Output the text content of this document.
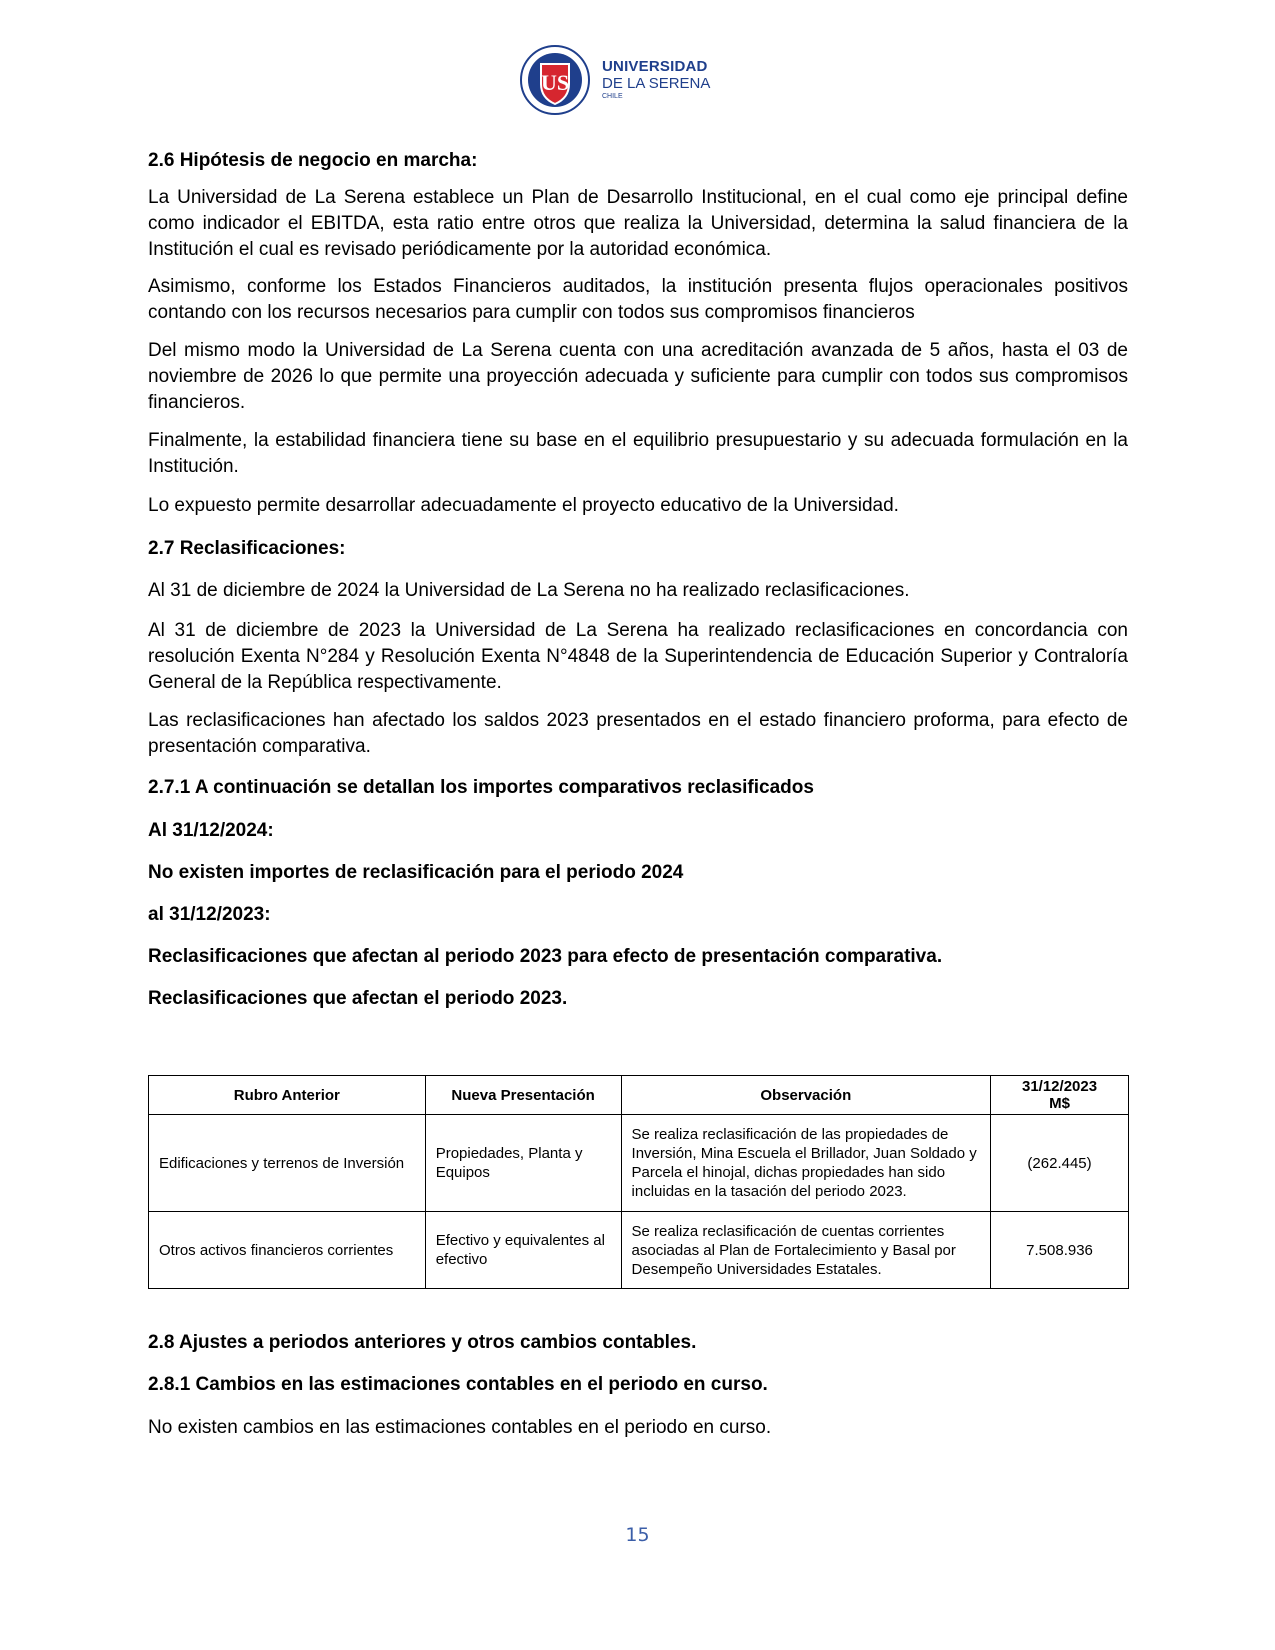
US
UNIVERSIDAD
DE LA SERENA
CHILE
2.6 Hipótesis de negocio en marcha:

La Universidad de La Serena establece un Plan de Desarrollo Institucional, en el cual como eje principal define como indicador el EBITDA, esta ratio entre otros que realiza la Universidad, determina la salud financiera de la Institución el cual es revisado periódicamente por la autoridad económica.

Asimismo, conforme los Estados Financieros auditados, la institución presenta flujos operacionales positivos contando con los recursos necesarios para cumplir con todos sus compromisos financieros

Del mismo modo la Universidad de La Serena cuenta con una acreditación avanzada de 5 años, hasta el 03 de noviembre de 2026 lo que permite una proyección adecuada y suficiente para cumplir con todos sus compromisos financieros.

Finalmente, la estabilidad financiera tiene su base en el equilibrio presupuestario y su adecuada formulación en la Institución.

Lo expuesto permite desarrollar adecuadamente el proyecto educativo de la Universidad.

2.7 Reclasificaciones:

Al 31 de diciembre de 2024 la Universidad de La Serena no ha realizado reclasificaciones.

Al 31 de diciembre de 2023 la Universidad de La Serena ha realizado reclasificaciones en concordancia con resolución Exenta N°284 y Resolución Exenta N°4848 de la Superintendencia de Educación Superior y Contraloría General de la República respectivamente.

Las reclasificaciones han afectado los saldos 2023 presentados en el estado financiero proforma, para efecto de presentación comparativa.

2.7.1 A continuación se detallan los importes comparativos reclasificados
Al 31/12/2024:
No existen importes de reclasificación para el periodo 2024
al 31/12/2023:
Reclasificaciones que afectan al periodo 2023 para efecto de presentación comparativa.
Reclasificaciones que afectan el periodo 2023.
Rubro Anterior	Nueva Presentación	Observación	31/12/2023
M$

Edificaciones y terrenos de Inversión	Propiedades, Planta y Equipos	Se realiza reclasificación de las propiedades de Inversión, Mina Escuela el Brillador, Juan Soldado y Parcela el hinojal, dichas propiedades han sido incluidas en la tasación del periodo 2023.	(262.445)
Otros activos financieros corrientes	Efectivo y equivalentes al efectivo	Se realiza reclasificación de cuentas corrientes asociadas al Plan de Fortalecimiento y Basal por Desempeño Universidades Estatales.	7.508.936
2.8 Ajustes a periodos anteriores y otros cambios contables.
2.8.1 Cambios en las estimaciones contables en el periodo en curso.

No existen cambios en las estimaciones contables en el periodo en curso.

15
